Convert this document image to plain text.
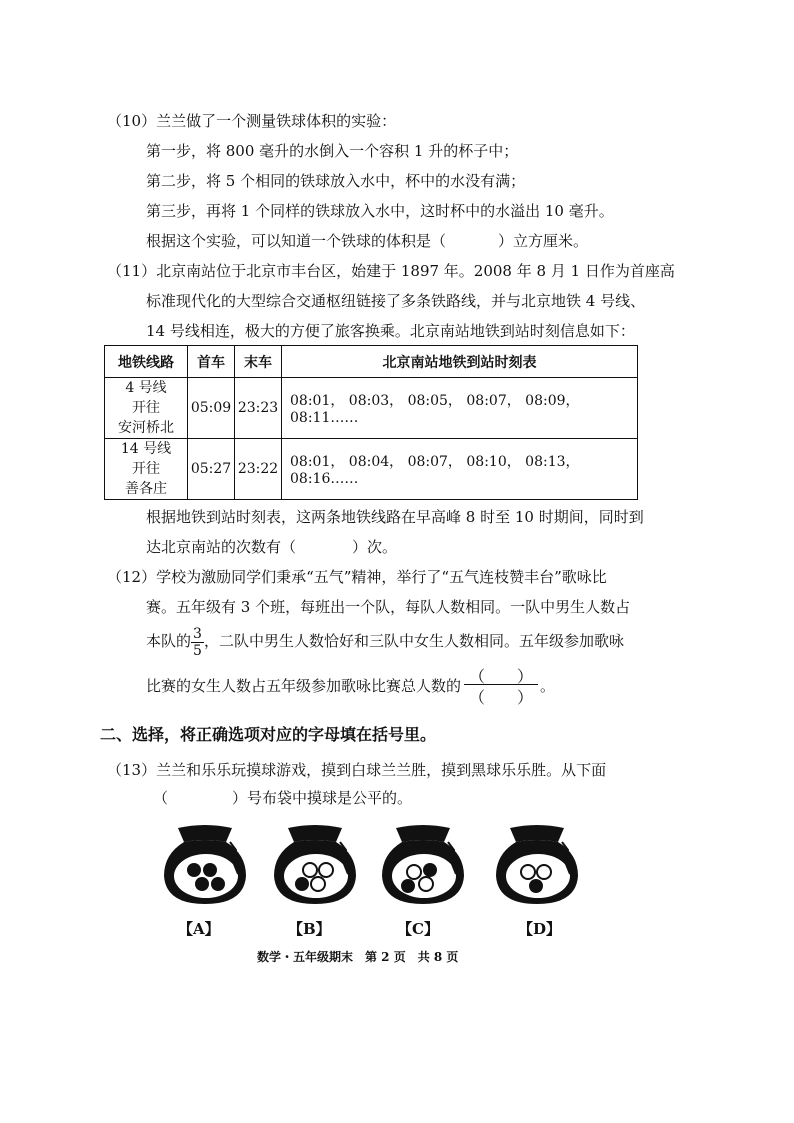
（10）兰兰做了一个测量铁球体积的实验：
第一步，将 800 毫升的水倒入一个容积 1 升的杯子中；
第二步，将 5 个相同的铁球放入水中，杯中的水没有满；
第三步，再将 1 个同样的铁球放入水中，这时杯中的水溢出 10 毫升。
根据这个实验，可以知道一个铁球的体积是（	）立方厘米。
（11）北京南站位于北京市丰台区，始建于 1897 年。2008 年 8 月 1 日作为首座高
标准现代化的大型综合交通枢纽链接了多条铁路线，并与北京地铁 4 号线、
14 号线相连，极大的方便了旅客换乘。北京南站地铁到站时刻信息如下：
地铁线路	首车	末车	北京南站地铁到站时刻表

4 号线
开往
安河桥北	05:09	23:23	08:01， 08:03， 08:05， 08:07， 08:09， 08:11……

14 号线
开往
善各庄	05:27	23:22	08:01， 08:04， 08:07， 08:10， 08:13， 08:16……
根据地铁到站时刻表，这两条地铁线路在早高峰 8 时至 10 时期间，同时到
达北京南站的次数有（	）次。
（12）学校为激励同学们秉承“五气”精神，举行了“五气连枝赞丰台”歌咏比
赛。五年级有 3 个班，每班出一个队，每队人数相同。一队中男生人数占
本队的 $\frac{3}{5}$ ，二队中男生人数恰好和三队中女生人数相同。五年级参加歌咏
比赛的女生人数占五年级参加歌咏比赛总人数的 （　　）
（　　）
。
二、选择，将正确选项对应的字母填在括号里。
（13）兰兰和乐乐玩摸球游戏，摸到白球兰兰胜，摸到黑球乐乐胜。从下面
（	）号布袋中摸球是公平的。
【A】	【B】	【C】	【D】
数学・五年级期末　第 2 页　共 8 页
